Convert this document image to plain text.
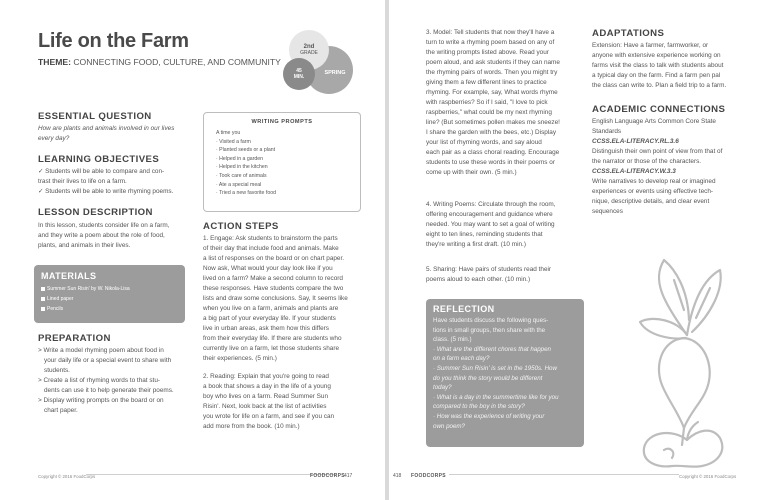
Life on the Farm
THEME: CONNECTING FOOD, CULTURE, AND COMMUNITY
2nd
GRADE
45
MIN.
SPRING
ESSENTIAL QUESTION
How are plants and animals involved in our lives every day?
WRITING PROMPTS
A time you
· Visited a farm
· Planted seeds or a plant
· Helped in a garden
· Helped in the kitchen
· Took care of animals
· Ate a special meal
· Tried a new favorite food
LEARNING OBJECTIVES
✓ Students will be able to compare and con-
trast their lives to life on a farm.
✓ Students will be able to write rhyming poems.
LESSON DESCRIPTION
In this lesson, students consider life on a farm,
and they write a poem about the role of food,
plants, and animals in their lives.
MATERIALS
Summer Sun Risin' by W. Nikola-Lisa
Lined paper
Pencils
PREPARATION
> Write a model rhyming poem about food in
your daily life or a special event to share with
students.
> Create a list of rhyming words to that stu-
dents can use it to help generate their poems.
> Display writing prompts on the board or on
chart paper.
ACTION STEPS
1. Engage: Ask students to brainstorm the parts
of their day that include food and animals. Make
a list of responses on the board or on chart paper.
Now ask, What would your day look like if you
lived on a farm? Make a second column to record
these responses. Have students compare the two
lists and draw some conclusions. Say, It seems like
when you live on a farm, animals and plants are
a big part of your everyday life. If your students
live in urban areas, ask them how this differs
from their everyday life. If there are students who
currently live on a farm, let those students share
their experiences. (5 min.)
2. Reading: Explain that you're going to read
a book that shows a day in the life of a young
boy who lives on a farm. Read Summer Sun
Risin'. Next, look back at the list of activities
you wrote for life on a farm, and see if you can
add more from the book. (10 min.)
Copyright © 2016 FoodCorps	FOODCORPS 417
3. Model: Tell students that now they'll have a
turn to write a rhyming poem based on any of
the writing prompts listed above. Read your
poem aloud, and ask students if they can name
the rhyming pairs of words. Then you might try
giving them a few different lines to practice
rhyming. For example, say, What words rhyme
with raspberries? So if I said, "I love to pick
raspberries," what could be my next rhyming
line? (But sometimes pollen makes me sneeze!
I share the garden with the bees, etc.) Display
your list of rhyming words, and say aloud
each pair as a class choral reading. Encourage
students to use these words in their poems or
come up with their own. (5 min.)
4. Writing Poems: Circulate through the room,
offering encouragement and guidance where
needed. You may want to set a goal of writing
eight to ten lines, reminding students that
they're writing a first draft. (10 min.)
5. Sharing: Have pairs of students read their
poems aloud to each other. (10 min.)
REFLECTION
Have students discuss the following ques-
tions in small groups, then share with the
class. (5 min.)
· What are the different chores that happen
on a farm each day?
· Summer Sun Risin' is set in the 1950s. How
do you think the story would be different
today?
· What is a day in the summertime like for you
compared to the boy in the story?
· How was the experience of writing your
own poem?
ADAPTATIONS
Extension: Have a farmer, farmworker, or
anyone with extensive experience working on
farms visit the class to talk with students about
a typical day on the farm. Find a farm pen pal
the class can write to. Plan a field trip to a farm.
ACADEMIC CONNECTIONS
English Language Arts Common Core State
Standards
CCSS.ELA-LITERACY.RL.3.6
Distinguish their own point of view from that of
the narrator or those of the characters.
CCSS.ELA-LITERACY.W.3.3
Write narratives to develop real or imagined
experiences or events using effective tech-
nique, descriptive details, and clear event
sequences
418 FOODCORPS	Copyright © 2016 FoodCorps
